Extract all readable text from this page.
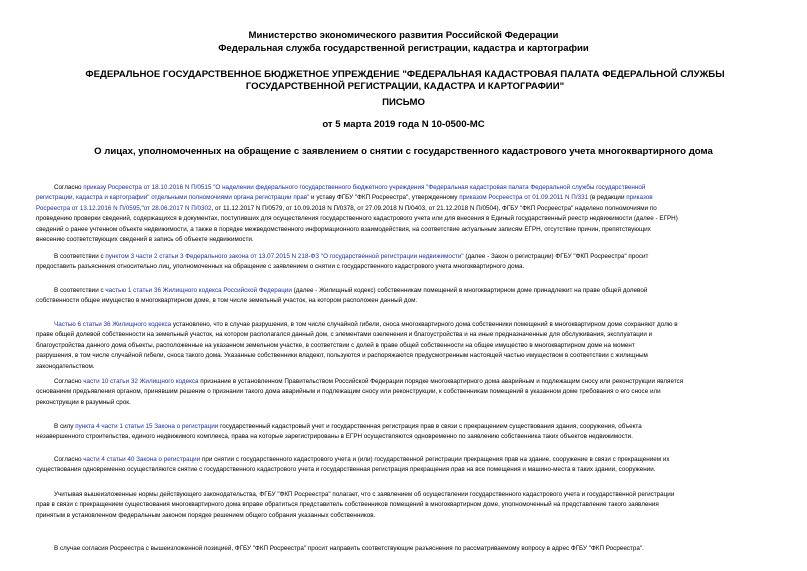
Министерство экономического развития Российской Федерации
Федеральная служба государственной регистрации, кадастра и картографии
ФЕДЕРАЛЬНОЕ ГОСУДАРСТВЕННОЕ БЮДЖЕТНОЕ УПРЕЖДЕНИЕ "ФЕДЕРАЛЬНАЯ КАДАСТРОВАЯ ПАЛАТА ФЕДЕРАЛЬНОЙ СЛУЖБЫ ГОСУДАРСТВЕННОЙ РЕГИСТРАЦИИ, КАДАСТРА И КАРТОГРАФИИ"
ПИСЬМО
от 5 марта 2019 года N 10-0500-МС
О лицах, уполномоченных на обращение с заявлением о снятии с государственного кадастрового учета многоквартирного дома
Согласно приказу Росреестра от 18.10.2016 N П/0515 "О наделении федерального государственного бюджетного учреждения "Федеральная кадастровая палата Федеральной службы государственной
регистрации, кадастра и картографии" отдельными полномочиями органа регистрации прав" и уставу ФГБУ "ФКП Росреестра", утвержденному приказом Росреестра от 01.09.2011 N П/331 (в редакции приказов
Росреестра от 13.12.2016 N П/0595,"от 28.06.2017 N П/0302, от 11.12.2017 N П/0579, от 10.09.2018 N П/0378, от 27.09.2018 N П/0403, от 21.12.2018 N П/0504), ФГБУ "ФКП Росреестра" наделено полномочиями по
проведению проверки сведений, содержащихся в документах, поступивших для осуществления государственного кадастрового учета или для внесения в Единый государственный реестр недвижимости (далее - ЕГРН)
сведений о ранее учтенном объекте недвижимости, а также в порядке межведомственного информационного взаимодействия, на соответствие актуальным записям ЕГРН, отсутствие причин, препятствующих
внесению соответствующих сведений в запись об объекте недвижимости.
В соответствии с пунктом 3 части 2 статьи 3 Федерального закона от 13.07.2015 N 218-ФЗ "О государственной регистрации недвижимости" (далее - Закон о регистрации) ФГБУ "ФКП Росреестра" просит
предоставить разъяснения относительно лиц, уполномоченных на обращение с заявлением о снятии с государственного кадастрового учета многоквартирного дома.
В соответствии с частью 1 статьи 36 Жилищного кодекса Российской Федерации (далее - Жилищный кодекс) собственникам помещений в многоквартирном доме принадлежит на праве общей долевой
собственности общее имущество в многоквартирном доме, в том числе земельный участок, на котором расположен данный дом.
Частью 6 статьи 36 Жилищного кодекса установлено, что в случае разрушения, в том числе случайной гибели, сноса многоквартирного дома собственники помещений в многоквартирном доме сохраняют долю в
праве общей долевой собственности на земельный участок, на котором располагался данный дом, с элементами озеленения и благоустройства и на иные предназначенные для обслуживания, эксплуатации и
благоустройства данного дома объекты, расположенные на указанном земельном участке, в соответствии с долей в праве общей собственности на общее имущество в многоквартирном доме на момент
разрушения, в том числе случайной гибели, сноса такого дома. Указанные собственники владеют, пользуются и распоряжаются предусмотренным настоящей частью имуществом в соответствии с жилищным
законодательством.
Согласно части 10 статьи 32 Жилищного кодекса признание в установленном Правительством Российской Федерации порядке многоквартирного дома аварийным и подлежащим сносу или реконструкции является
основанием предъявления органом, принявшим решение о признании такого дома аварийным и подлежащим сносу или реконструкции, к собственникам помещений в указанном доме требования о его сносе или
реконструкции в разумный срок.
В силу пункта 4 части 1 статьи 15 Закона о регистрации государственный кадастровый учет и государственная регистрация прав в связи с прекращением существования здания, сооружения, объекта
незавершенного строительства, единого недвижимого комплекса, права на которые зарегистрированы в ЕГРН осуществляются одновременно по заявлению собственника таких объектов недвижимости.
Согласно части 4 статьи 40 Закона о регистрации при снятии с государственного кадастрового учета и (или) государственной регистрации прекращения прав на здание, сооружение в связи с прекращением их
существования одновременно осуществляются снятие с государственного кадастрового учета и государственная регистрация прекращения прав на все помещения и машино-места в таких здании, сооружении.
Учитывая вышеизложенные нормы действующего законодательства, ФГБУ "ФКП Росреестра" полагает, что с заявлением об осуществлении государственного кадастрового учета и государственной регистрации
прав в связи с прекращением существования многоквартирного дома вправе обратиться представитель собственников помещений в многоквартирном доме, уполномоченный на представление такого заявления
принятым в установленном федеральным законом порядке решением общего собрания указанных собственников.
В случае согласия Росреестра с вышеизложенной позицией, ФГБУ "ФКП Росреестра" просит направить соответствующие разъяснения по рассматриваемому вопросу в адрес ФГБУ "ФКП Росреестра".
